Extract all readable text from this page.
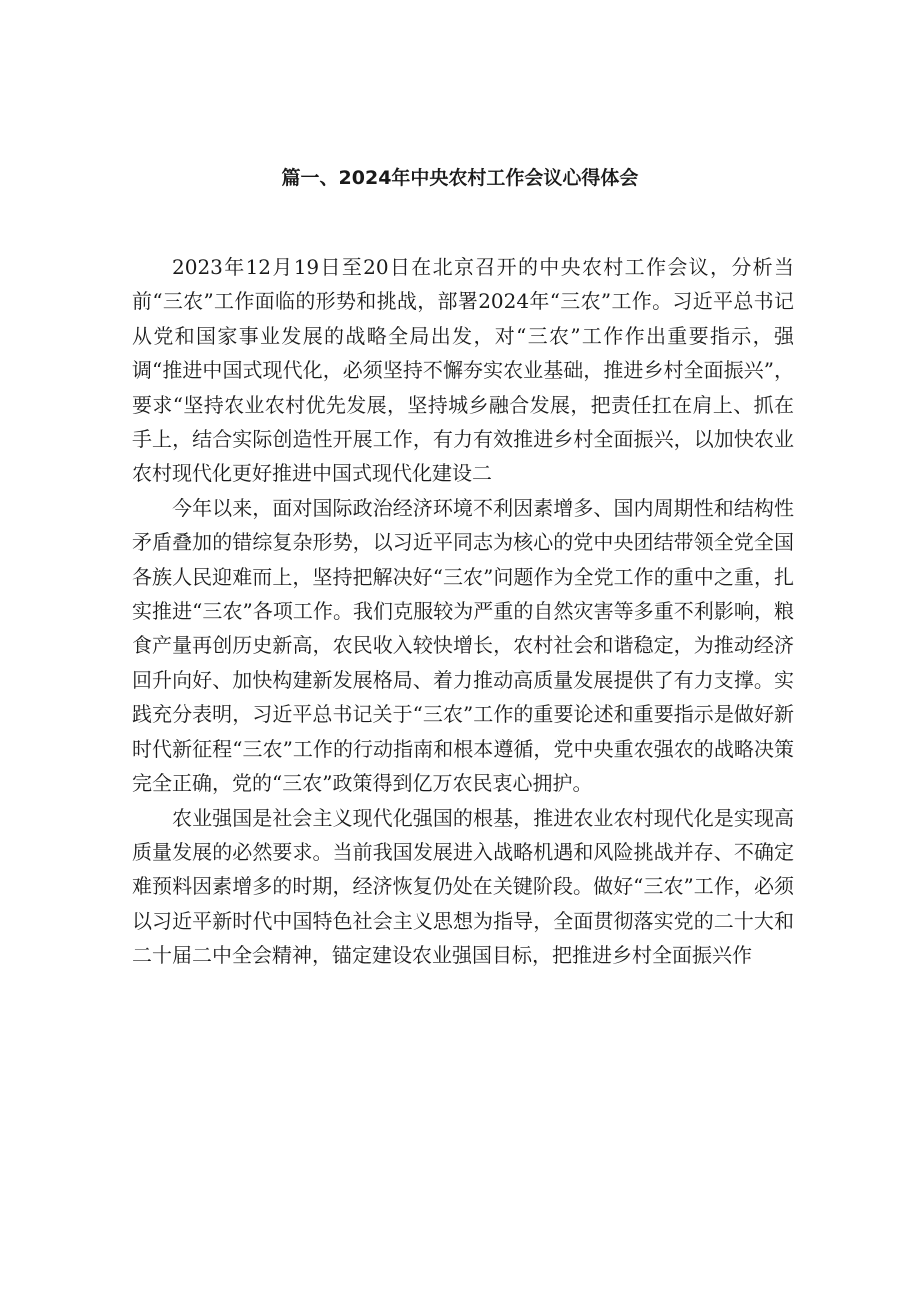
篇一、2024年中央农村工作会议心得体会

2023年12月19日至20日在北京召开的中央农村工作会议，分析当前“三农”工作面临的形势和挑战，部署2024年“三农”工作。习近平总书记从党和国家事业发展的战略全局出发，对“三农”工作作出重要指示，强调“推进中国式现代化，必须坚持不懈夯实农业基础，推进乡村全面振兴”，要求“坚持农业农村优先发展，坚持城乡融合发展，把责任扛在肩上、抓在手上，结合实际创造性开展工作，有力有效推进乡村全面振兴，以加快农业农村现代化更好推进中国式现代化建设二

今年以来，面对国际政治经济环境不利因素增多、国内周期性和结构性矛盾叠加的错综复杂形势，以习近平同志为核心的党中央团结带领全党全国各族人民迎难而上，坚持把解决好“三农”问题作为全党工作的重中之重，扎实推进“三农”各项工作。我们克服较为严重的自然灾害等多重不利影响，粮食产量再创历史新高，农民收入较快增长，农村社会和谐稳定，为推动经济回升向好、加快构建新发展格局、着力推动高质量发展提供了有力支撑。实践充分表明，习近平总书记关于“三农”工作的重要论述和重要指示是做好新时代新征程“三农”工作的行动指南和根本遵循，党中央重农强农的战略决策完全正确，党的“三农”政策得到亿万农民衷心拥护。

农业强国是社会主义现代化强国的根基，推进农业农村现代化是实现高质量发展的必然要求。当前我国发展进入战略机遇和风险挑战并存、不确定难预料因素增多的时期，经济恢复仍处在关键阶段。做好“三农”工作，必须以习近平新时代中国特色社会主义思想为指导，全面贯彻落实党的二十大和二十届二中全会精神，锚定建设农业强国目标，把推进乡村全面振兴作
